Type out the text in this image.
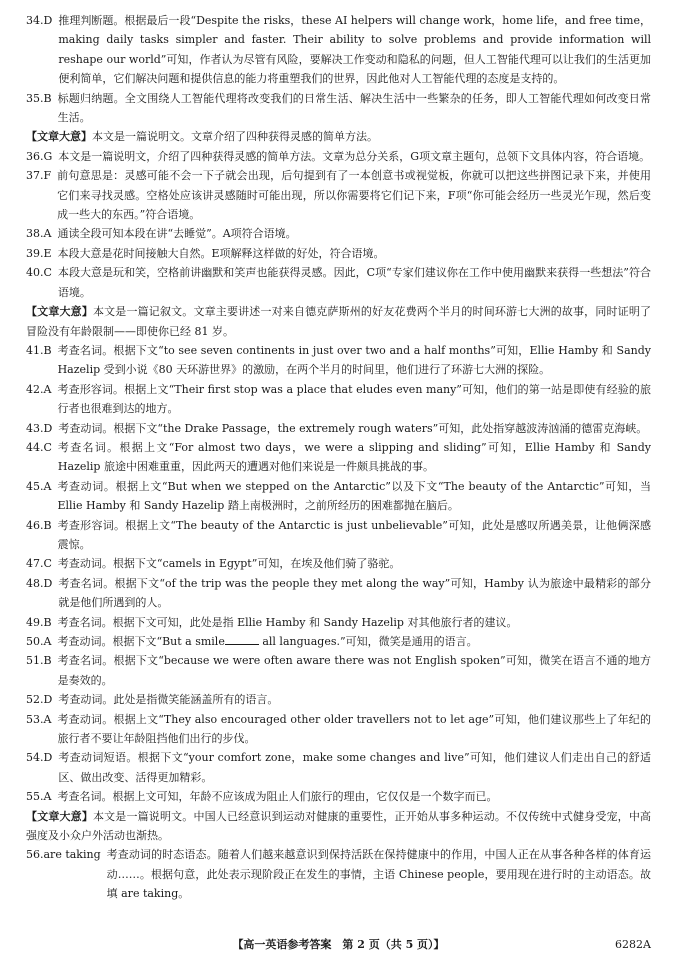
34.D 推理判断题。根据最后一段“Despite the risks，these AI helpers will change work，home life，and free time，making daily tasks simpler and faster. Their ability to solve problems and provide information will reshape our world”可知，作者认为尽管有风险，要解决工作变动和隐私的问题，但人工智能代理可以让我们的生活更加便利简单，它们解决问题和提供信息的能力将重塑我们的世界，因此他对人工智能代理的态度是支持的。
35.B 标题归纳题。全文围绕人工智能代理将改变我们的日常生活、解决生活中一些繁杂的任务，即人工智能代理如何改变日常生活。
【文章大意】本文是一篇说明文。文章介绍了四种获得灵感的简单方法。
36.G 本文是一篇说明文，介绍了四种获得灵感的简单方法。文章为总分关系，G项文章主题句，总领下文具体内容，符合语境。
37.F 前句意思是：灵感可能不会一下子就会出现，后句提到有了一本创意书或视觉板，你就可以把这些拼图记录下来，并使用它们来寻找灵感。空格处应该讲灵感随时可能出现，所以你需要将它们记下来，F项“你可能会经历一些灵光乍现，然后变成一些大的东西。”符合语境。
38.A 通读全段可知本段在讲“去睡觉”。A项符合语境。
39.E 本段大意是花时间接触大自然。E项解释这样做的好处，符合语境。
40.C 本段大意是玩和笑，空格前讲幽默和笑声也能获得灵感。因此，C项“专家们建议你在工作中使用幽默来获得一些想法”符合语境。
【文章大意】本文是一篇记叙文。文章主要讲述一对来自德克萨斯州的好友花费两个半月的时间环游七大洲的故事，同时证明了冒险没有年龄限制——即使你已经 81 岁。
41.B 考查名词。根据下文“to see seven continents in just over two and a half months”可知，Ellie Hamby 和 Sandy Hazelip 受到小说《80 天环游世界》的激励，在两个半月的时间里，他们进行了环游七大洲的探险。
42.A 考查形容词。根据上文“Their first stop was a place that eludes even many”可知，他们的第一站是即使有经验的旅行者也很难到达的地方。
43.D 考查动词。根据下文“the Drake Passage，the extremely rough waters”可知，此处指穿越波涛汹涌的德雷克海峡。
44.C 考查名词。根据上文“For almost two days，we were a slipping and sliding”可知，Ellie Hamby 和 Sandy Hazelip 旅途中困难重重，因此两天的遭遇对他们来说是一件颇具挑战的事。
45.A 考查动词。根据上文“But when we stepped on the Antarctic”以及下文“The beauty of the Antarctic”可知，当 Ellie Hamby 和 Sandy Hazelip 踏上南极洲时，之前所经历的困难都抛在脑后。
46.B 考查形容词。根据上文“The beauty of the Antarctic is just unbelievable”可知，此处是感叹所遇美景，让他俩深感震惊。
47.C 考查动词。根据下文“camels in Egypt”可知，在埃及他们骑了骆驼。
48.D 考查名词。根据下文“of the trip was the people they met along the way”可知，Hamby 认为旅途中最精彩的部分就是他们所遇到的人。
49.B 考查名词。根据下文可知，此处是指 Ellie Hamby 和 Sandy Hazelip 对其他旅行者的建议。
50.A 考查动词。根据下文“But a smile	all languages.”可知，微笑是通用的语言。
51.B 考查名词。根据下文“because we were often aware there was not English spoken”可知，微笑在语言不通的地方是奏效的。
52.D 考查动词。此处是指微笑能涵盖所有的语言。
53.A 考查动词。根据上文“They also encouraged other older travellers not to let age”可知，他们建议那些上了年纪的旅行者不要让年龄阻挡他们出行的步伐。
54.D 考查动词短语。根据下文“your comfort zone，make some changes and live”可知，他们建议人们走出自己的舒适区、做出改变、活得更加精彩。
55.A 考查名词。根据上文可知，年龄不应该成为阻止人们旅行的理由，它仅仅是一个数字而已。
【文章大意】本文是一篇说明文。中国人已经意识到运动对健康的重要性，正开始从事多种运动。不仅传统中式健身受宠，中高强度及小众户外活动也渐热。
56.are taking 考查动词的时态语态。随着人们越来越意识到保持活跃在保持健康中的作用，中国人正在从事各种各样的体育运动……。根据句意，此处表示现阶段正在发生的事情，主语 Chinese people，要用现在进行时的主动语态。故填 are taking。
【高一英语参考答案　第 2 页（共 5 页）】	6282A
